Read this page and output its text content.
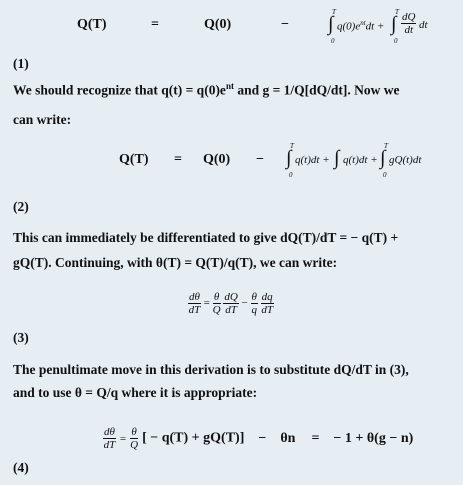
Q(T)	=	Q(0)	−
T
∫
0
$q(0)e^{nt}dt$ +
T
∫
0
$\frac{dQ}{dt}$ dt
(1)
We should recognize that $q(t) = q(0)e^{nt}$ and g = 1/Q[dQ/dt]. Now we
can write:
Q(T) = Q(0) −
T
∫
0
q(t)dt + ∫ q(t)dt +
T
∫
0
gQ(t)dt
(2)
This can immediately be differentiated to give dQ(T)/dT = − q(T) +
gQ(T). Continuing, with θ(T) = Q(T)/q(T), we can write:
$\frac{d\theta}{dT} = \frac{\theta}{Q}$
$\frac{dQ}{dT} - \frac{\theta}{q}$
$\frac{dq}{dT}$
(3)
The penultimate move in this derivation is to substitute dQ/dT in (3),
and to use θ = Q/q where it is appropriate:
$\frac{d\theta}{dT} = \frac{\theta}{Q}$ [ − q(T) + gQ(T)] − θn = − 1 + θ(g − n)
(4)
